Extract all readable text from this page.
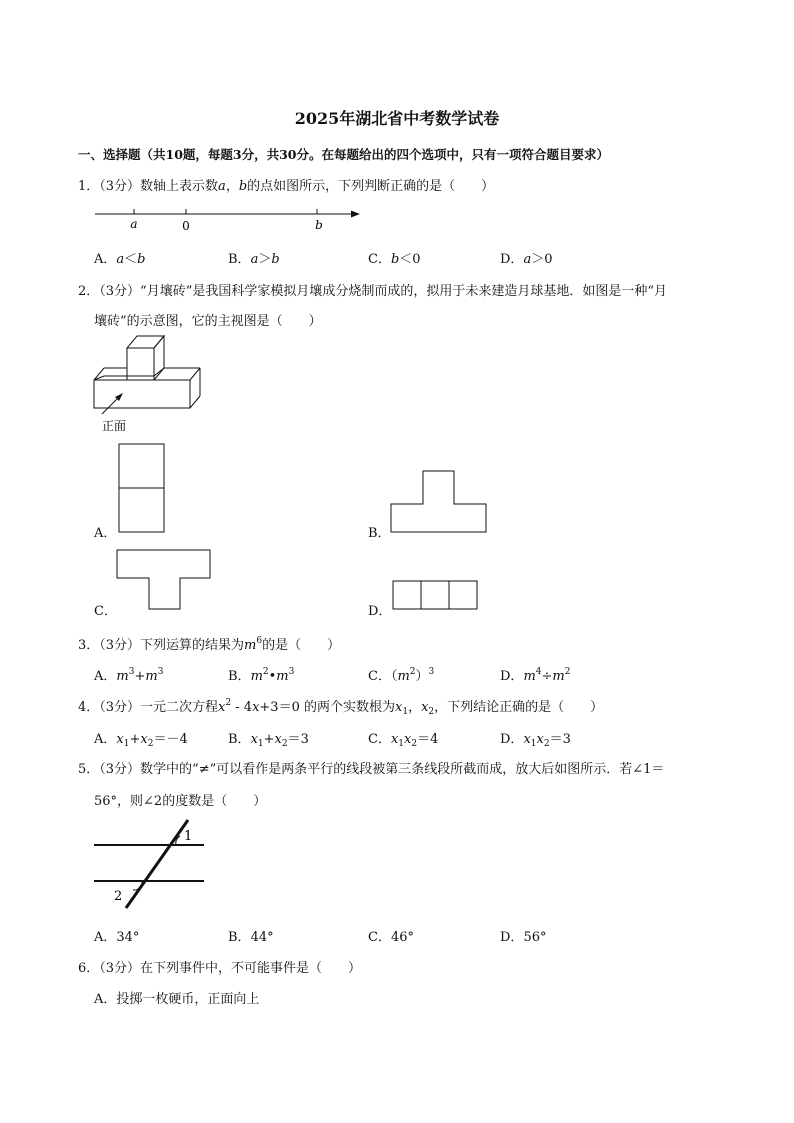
2025年湖北省中考数学试卷
一、选择题（共10题，每题3分，共30分。在每题给出的四个选项中，只有一项符合题目要求）
1．（3分）数轴上表示数a，b的点如图所示，下列判断正确的是（　　）
a	0	b
A．a＜b	B．a＞b	C．b＜0	D．a＞0
2．（3分）“月壤砖”是我国科学家模拟月壤成分烧制而成的，拟用于未来建造月球基地．如图是一种“月
壤砖”的示意图，它的主视图是（　　）
正面
A．	B．
C．	D．
3．（3分）下列运算的结果为$m^6$的是（　　）
A．$m^3+m^3$	B．$m^2•m^3$	C．$(m^2)^3$	D．$m^4\div m^2$
4．（3分）一元二次方程$x^2 - 4x+3=0$ 的两个实数根为$x_1$，$x_2$，下列结论正确的是（　　）
A．$x_1+x_2=-4$	B．$x_1+x_2=3$	C．$x_1x_2=4$	D．$x_1x_2=3$
5．（3分）数学中的“≠”可以看作是两条平行的线段被第三条线段所截而成，放大后如图所示．若∠1＝
56°，则∠2的度数是（　　）
1
2
A．34°	B．44°	C．46°	D．56°
6．（3分）在下列事件中，不可能事件是（　　）
A．投掷一枚硬币，正面向上
